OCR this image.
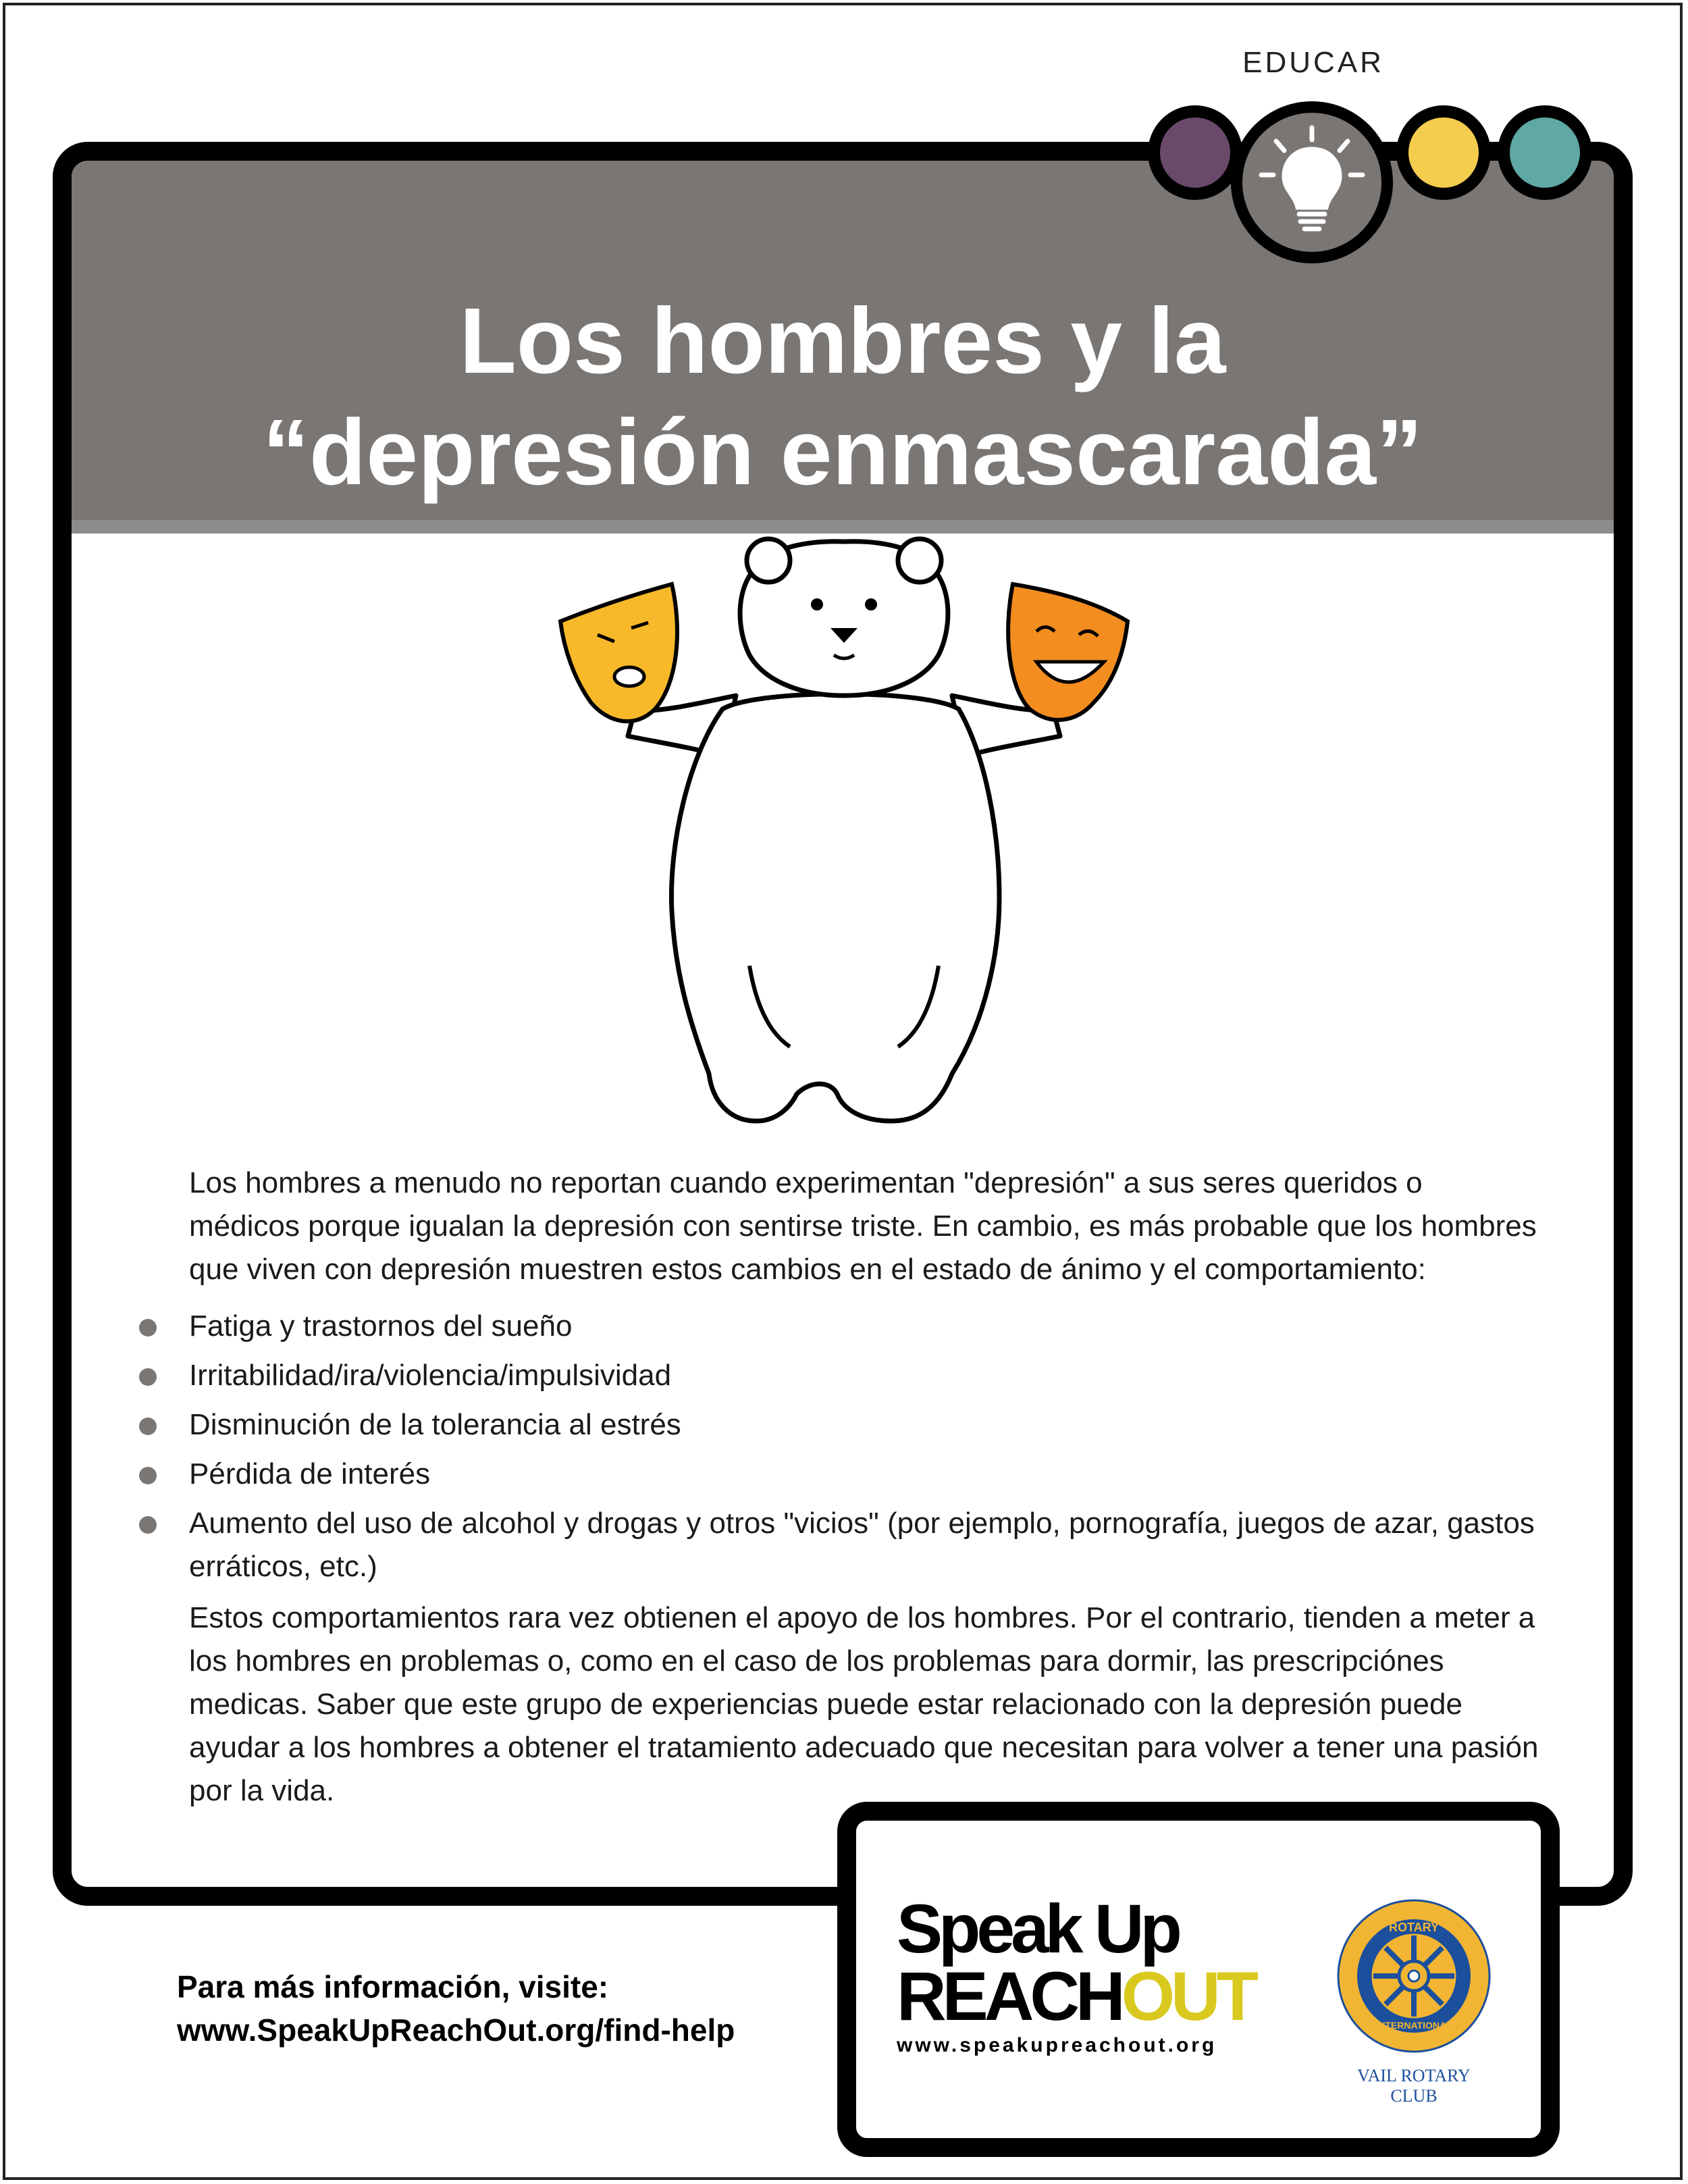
Los hombres y la
“depresión enmascarada”
EDUCAR

Los hombres a menudo no reportan cuando experimentan "depresión" a sus seres queridos o médicos porque igualan la depresión con sentirse triste. En cambio, es más probable que los hombres que viven con depresión muestren estos cambios en el estado de ánimo y el comportamiento:

Fatiga y trastornos del sueño
Irritabilidad/ira/violencia/impulsividad
Disminución de la tolerancia al estrés
Pérdida de interés
Aumento del uso de alcohol y drogas y otros "vicios" (por ejemplo, pornografía, juegos de azar, gastos erráticos, etc.)

Estos comportamientos rara vez obtienen el apoyo de los hombres. Por el contrario, tienden a meter a los hombres en problemas o, como en el caso de los problemas para dormir, las prescripciónes medicas. Saber que este grupo de experiencias puede estar relacionado con la depresión puede ayudar a los hombres a obtener el tratamiento adecuado que necesitan para volver a tener una pasión por la vida.

Para más información, visite:
www.SpeakUpReachOut.org/find-help
Speak Up
REACHOUT
www.speakupreachout.org
ROTARY
INTERNATIONAL
VAIL ROTARY CLUB
